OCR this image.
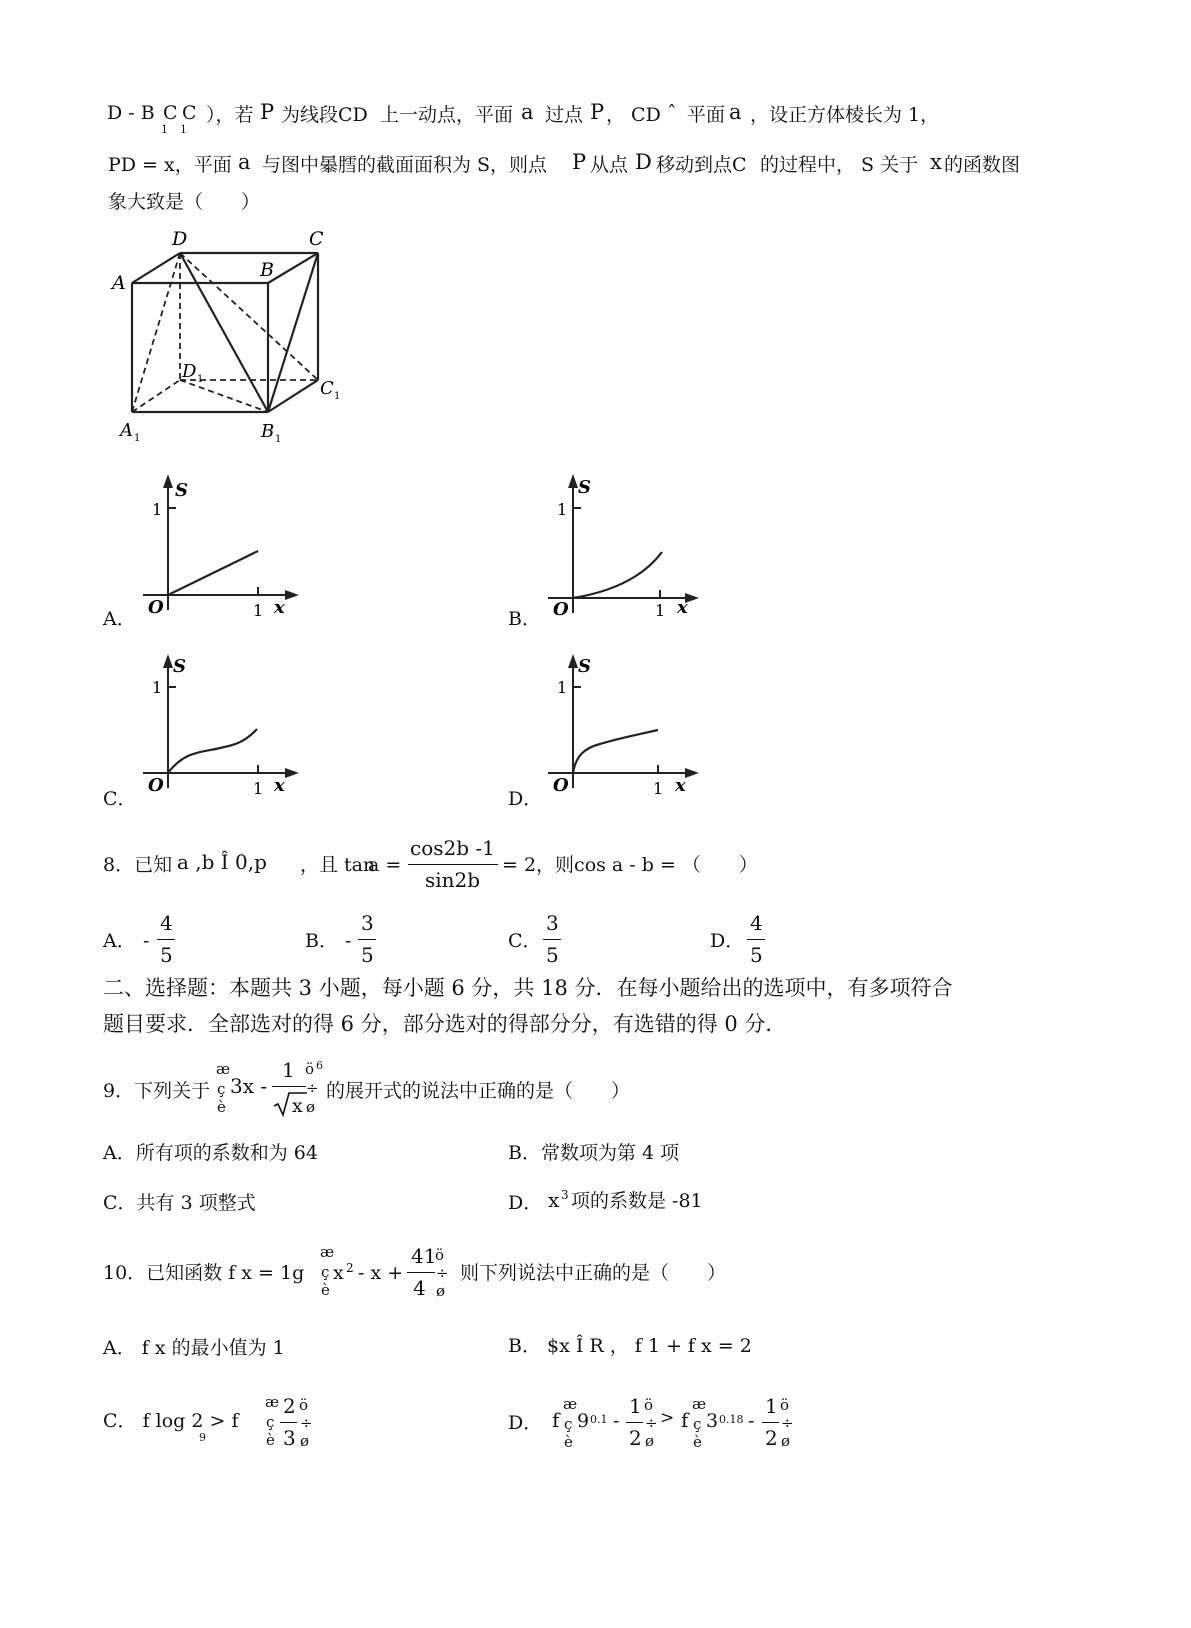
D - B C C
1 1
），若 P 为线段CD 上一动点，平面 a 过点 P ， CD ˆ 平面 a ，设正方体棱长为 1，
PD = x，平面 a 与图中曓膤的截面面积为 S，则点 P 从点 D 移动到点C 的过程中， S 关于 x 的函数图
象大致是（　　）
D	C
A
B
D 1	C 1
A 1	B 1
S
1
O	1 x
A．
S
1
O	1 x
B．
S
1
O	1 x
C．
S
1
O	1 x
D．
8．已知 a ,b Î 0,p ，且 tan
a =
cos2b -1
sin2b
= 2，则cos a - b = （　　）
A． -
4
5
B． -
3
5
C．
3
5
D．
4
5
二、选择题：本题共 3 小题，每小题 6 分，共 18 分．在每小题给出的选项中，有多项符合
题目要求．全部选对的得 6 分，部分选对的得部分分，有选错的得 0 分．
9．下列关于
æ
ç
è
3x -
1
x
ö 6
÷
ø
的展开式的说法中正确的是（　　）
A．所有项的系数和为 64	B．常数项为第 4 项
C．共有 3 项整式	D． x 3 项的系数是 -81
10．已知函数 f x = 1g
æ
ç
è
x 2 - x +
41
4
ö
÷
ø
则下列说法中正确的是（　　）
A． f x 的最小值为 1	B． $x Î R ， f 1 + f x = 2
C． f log 2 > f
9
æ
ç
è
2
3
ö
÷
ø
D． f
æ
ç
è
9 0.1 -
1
2
ö
÷
ø
> f
æ
ç
è
3 0.18 -
1
2
ö
÷
ø
